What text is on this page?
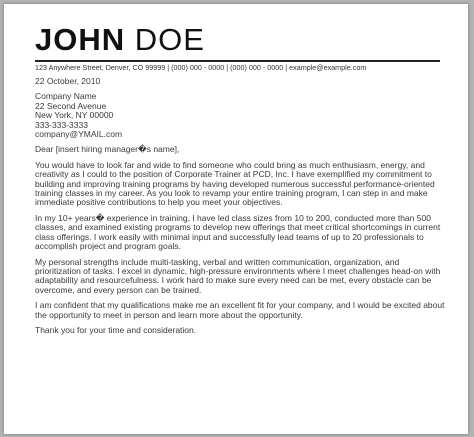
JOHN DOE
123 Anywhere Street, Denver, CO 99999 | (000) 000 - 0000 | (000) 000 - 0000 | example@example.com

22 October, 2010

Company Name
22 Second Avenue
New York, NY 00000
333-333-3333
company@YMAIL.com

Dear [insert hiring manager�s name],

You would have to look far and wide to find someone who could bring as much enthusiasm, energy, and creativity as I could to the position of Corporate Trainer at PCD, Inc. I have exemplified my commitment to building and improving training programs by having developed numerous successful performance-oriented training classes in my career. As you look to revamp your entire training program, I can step in and make immediate positive contributions to help you meet your objectives.

In my 10+ years� experience in training, I have led class sizes from 10 to 200, conducted more than 500 classes, and examined existing programs to develop new offerings that meet critical shortcomings in current class offerings. I work easily with minimal input and successfully lead teams of up to 20 professionals to accomplish project and program goals.

My personal strengths include multi-tasking, verbal and written communication, organization, and prioritization of tasks. I excel in dynamic, high-pressure environments where I meet challenges head-on with adaptability and resourcefulness. I work hard to make sure every need can be met, every obstacle can be overcome, and every person can be trained.

I am confident that my qualifications make me an excellent fit for your company, and I would be excited about the opportunity to meet in person and learn more about the opportunity.

Thank you for your time and consideration.
